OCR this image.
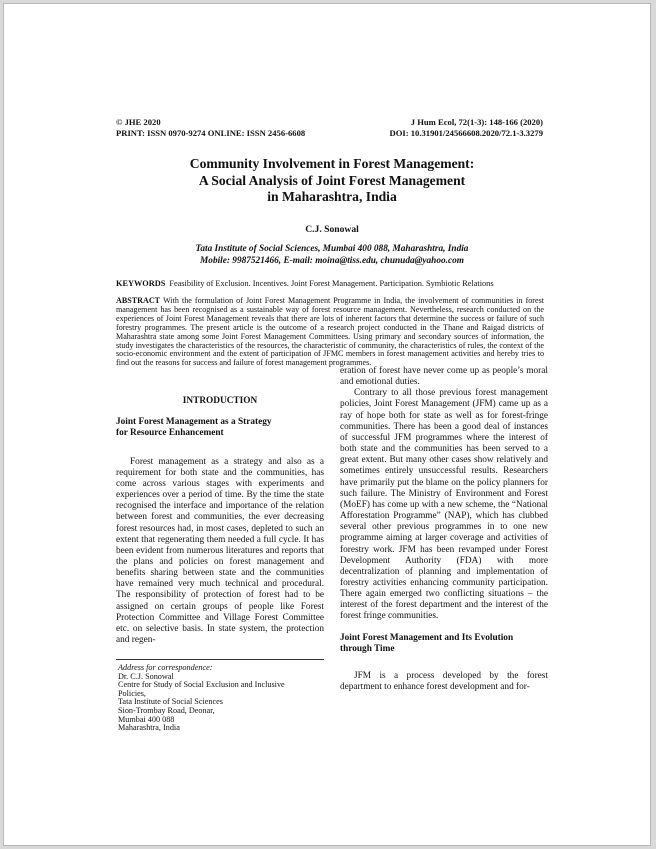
© JHE 2020
PRINT: ISSN 0970-9274 ONLINE: ISSN 2456-6608
J Hum Ecol, 72(1-3): 148-166 (2020)
DOI: 10.31901/24566608.2020/72.1-3.3279
Community Involvement in Forest Management:
A Social Analysis of Joint Forest Management
in Maharashtra, India
C.J. Sonowal
Tata Institute of Social Sciences, Mumbai 400 088, Maharashtra, India
Mobile: 9987521466, E-mail: moina@tiss.edu, chunuda@yahoo.com
KEYWORDS Feasibility of Exclusion. Incentives. Joint Forest Management. Participation. Symbiotic Relations
ABSTRACT With the formulation of Joint Forest Management Programme in India, the involvement of communities in forest management has been recognised as a sustainable way of forest resource management. Nevertheless, research conducted on the experiences of Joint Forest Management reveals that there are lots of inherent factors that determine the success or failure of such forestry programmes. The present article is the outcome of a research project conducted in the Thane and Raigad districts of Maharashtra state among some Joint Forest Management Committees. Using primary and secondary sources of information, the study investigates the characteristics of the resources, the characteristic of community, the characteristics of rules, the context of the socio-economic environment and the extent of participation of JFMC members in forest management activities and hereby tries to find out the reasons for success and failure of forest management programmes.
INTRODUCTION
Joint Forest Management as a Strategy
for Resource Enhancement

Forest management as a strategy and also as a requirement for both state and the communities, has come across various stages with experiments and experiences over a period of time. By the time the state recognised the interface and importance of the relation between forest and communities, the ever decreasing forest resources had, in most cases, depleted to such an extent that regenerating them needed a full cycle. It has been evident from numerous literatures and reports that the plans and policies on forest management and benefits sharing between state and the communities have remained very much technical and procedural. The responsibility of protection of forest had to be assigned on certain groups of people like Forest Protection Committee and Village Forest Committee etc. on selective basis. In state system, the protection and regen-

Address for correspondence:
Dr. C.J. Sonowal
Centre for Study of Social Exclusion and Inclusive
Policies,
Tata Institute of Social Sciences
Sion-Trombay Road, Deonar,
Mumbai 400 088
Maharashtra, India

eration of forest have never come up as people’s moral and emotional duties.

Contrary to all those previous forest management policies, Joint Forest Management (JFM) came up as a ray of hope both for state as well as for forest-fringe communities. There has been a good deal of instances of successful JFM programmes where the interest of both state and the communities has been served to a great extent. But many other cases show relatively and sometimes entirely unsuccessful results. Researchers have primarily put the blame on the policy planners for such failure. The Ministry of Environment and Forest (MoEF) has come up with a new scheme, the “National Afforestation Programme” (NAP), which has clubbed several other previous programmes in to one new programme aiming at larger coverage and activities of forestry work. JFM has been revamped under Forest Development Authority (FDA) with more decentralization of planning and implementation of forestry activities enhancing community participation. There again emerged two conflicting situations – the interest of the forest department and the interest of the forest fringe communities.

Joint Forest Management and Its Evolution
through Time

JFM is a process developed by the forest department to enhance forest development and for-
